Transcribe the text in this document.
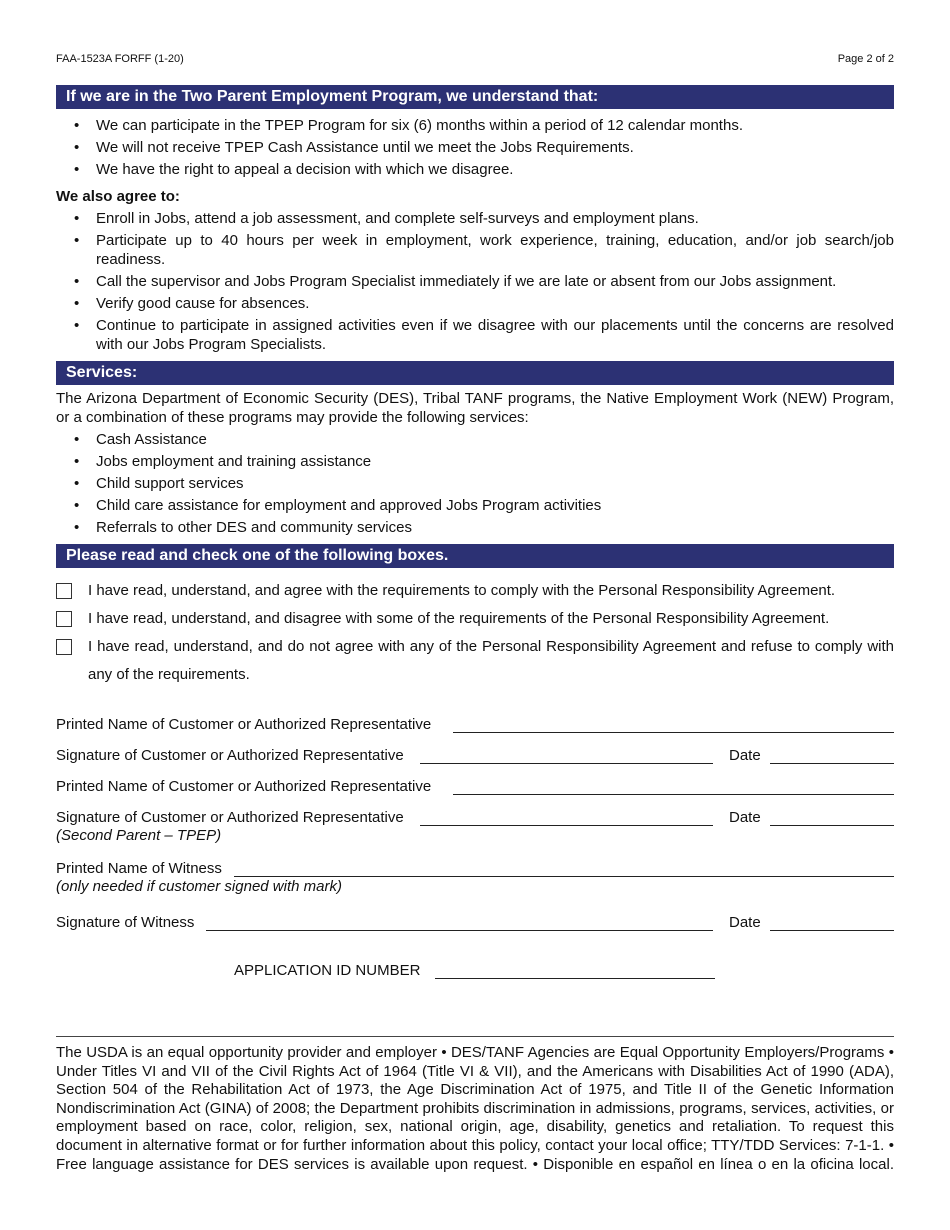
FAA-1523A FORFF (1-20)	Page 2 of 2
If we are in the Two Parent Employment Program, we understand that:
• We can participate in the TPEP Program for six (6) months within a period of 12 calendar months.
• We will not receive TPEP Cash Assistance until we meet the Jobs Requirements.
• We have the right to appeal a decision with which we disagree.
We also agree to:
• Enroll in Jobs, attend a job assessment, and complete self-surveys and employment plans.
• Participate up to 40 hours per week in employment, work experience, training, education, and/or job search/job readiness.
• Call the supervisor and Jobs Program Specialist immediately if we are late or absent from our Jobs assignment.
• Verify good cause for absences.
• Continue to participate in assigned activities even if we disagree with our placements until the concerns are resolved with our Jobs Program Specialists.
Services:
The Arizona Department of Economic Security (DES), Tribal TANF programs, the Native Employment Work (NEW) Program, or a combination of these programs may provide the following services:
• Cash Assistance
• Jobs employment and training assistance
• Child support services
• Child care assistance for employment and approved Jobs Program activities
• Referrals to other DES and community services
Please read and check one of the following boxes.
I have read, understand, and agree with the requirements to comply with the Personal Responsibility Agreement.
I have read, understand, and disagree with some of the requirements of the Personal Responsibility Agreement.
I have read, understand, and do not agree with any of the Personal Responsibility Agreement and refuse to comply with any of the requirements.
Printed Name of Customer or Authorized Representative
Signature of Customer or Authorized Representative	Date
Printed Name of Customer or Authorized Representative
Signature of Customer or Authorized Representative	Date
(Second Parent – TPEP)
Printed Name of Witness
(only needed if customer signed with mark)
Signature of Witness	Date
APPLICATION ID NUMBER
The USDA is an equal opportunity provider and employer • DES/TANF Agencies are Equal Opportunity Employers/Programs • Under Titles VI and VII of the Civil Rights Act of 1964 (Title VI & VII), and the Americans with Disabilities Act of 1990 (ADA), Section 504 of the Rehabilitation Act of 1973, the Age Discrimination Act of 1975, and Title II of the Genetic Information Nondiscrimination Act (GINA) of 2008; the Department prohibits discrimination in admissions, programs, services, activities, or employment based on race, color, religion, sex, national origin, age, disability, genetics and retaliation. To request this document in alternative format or for further information about this policy, contact your local office; TTY/TDD Services: 7-1-1. • Free language assistance for DES services is available upon request. • Disponible en español en línea o en la oficina local.
